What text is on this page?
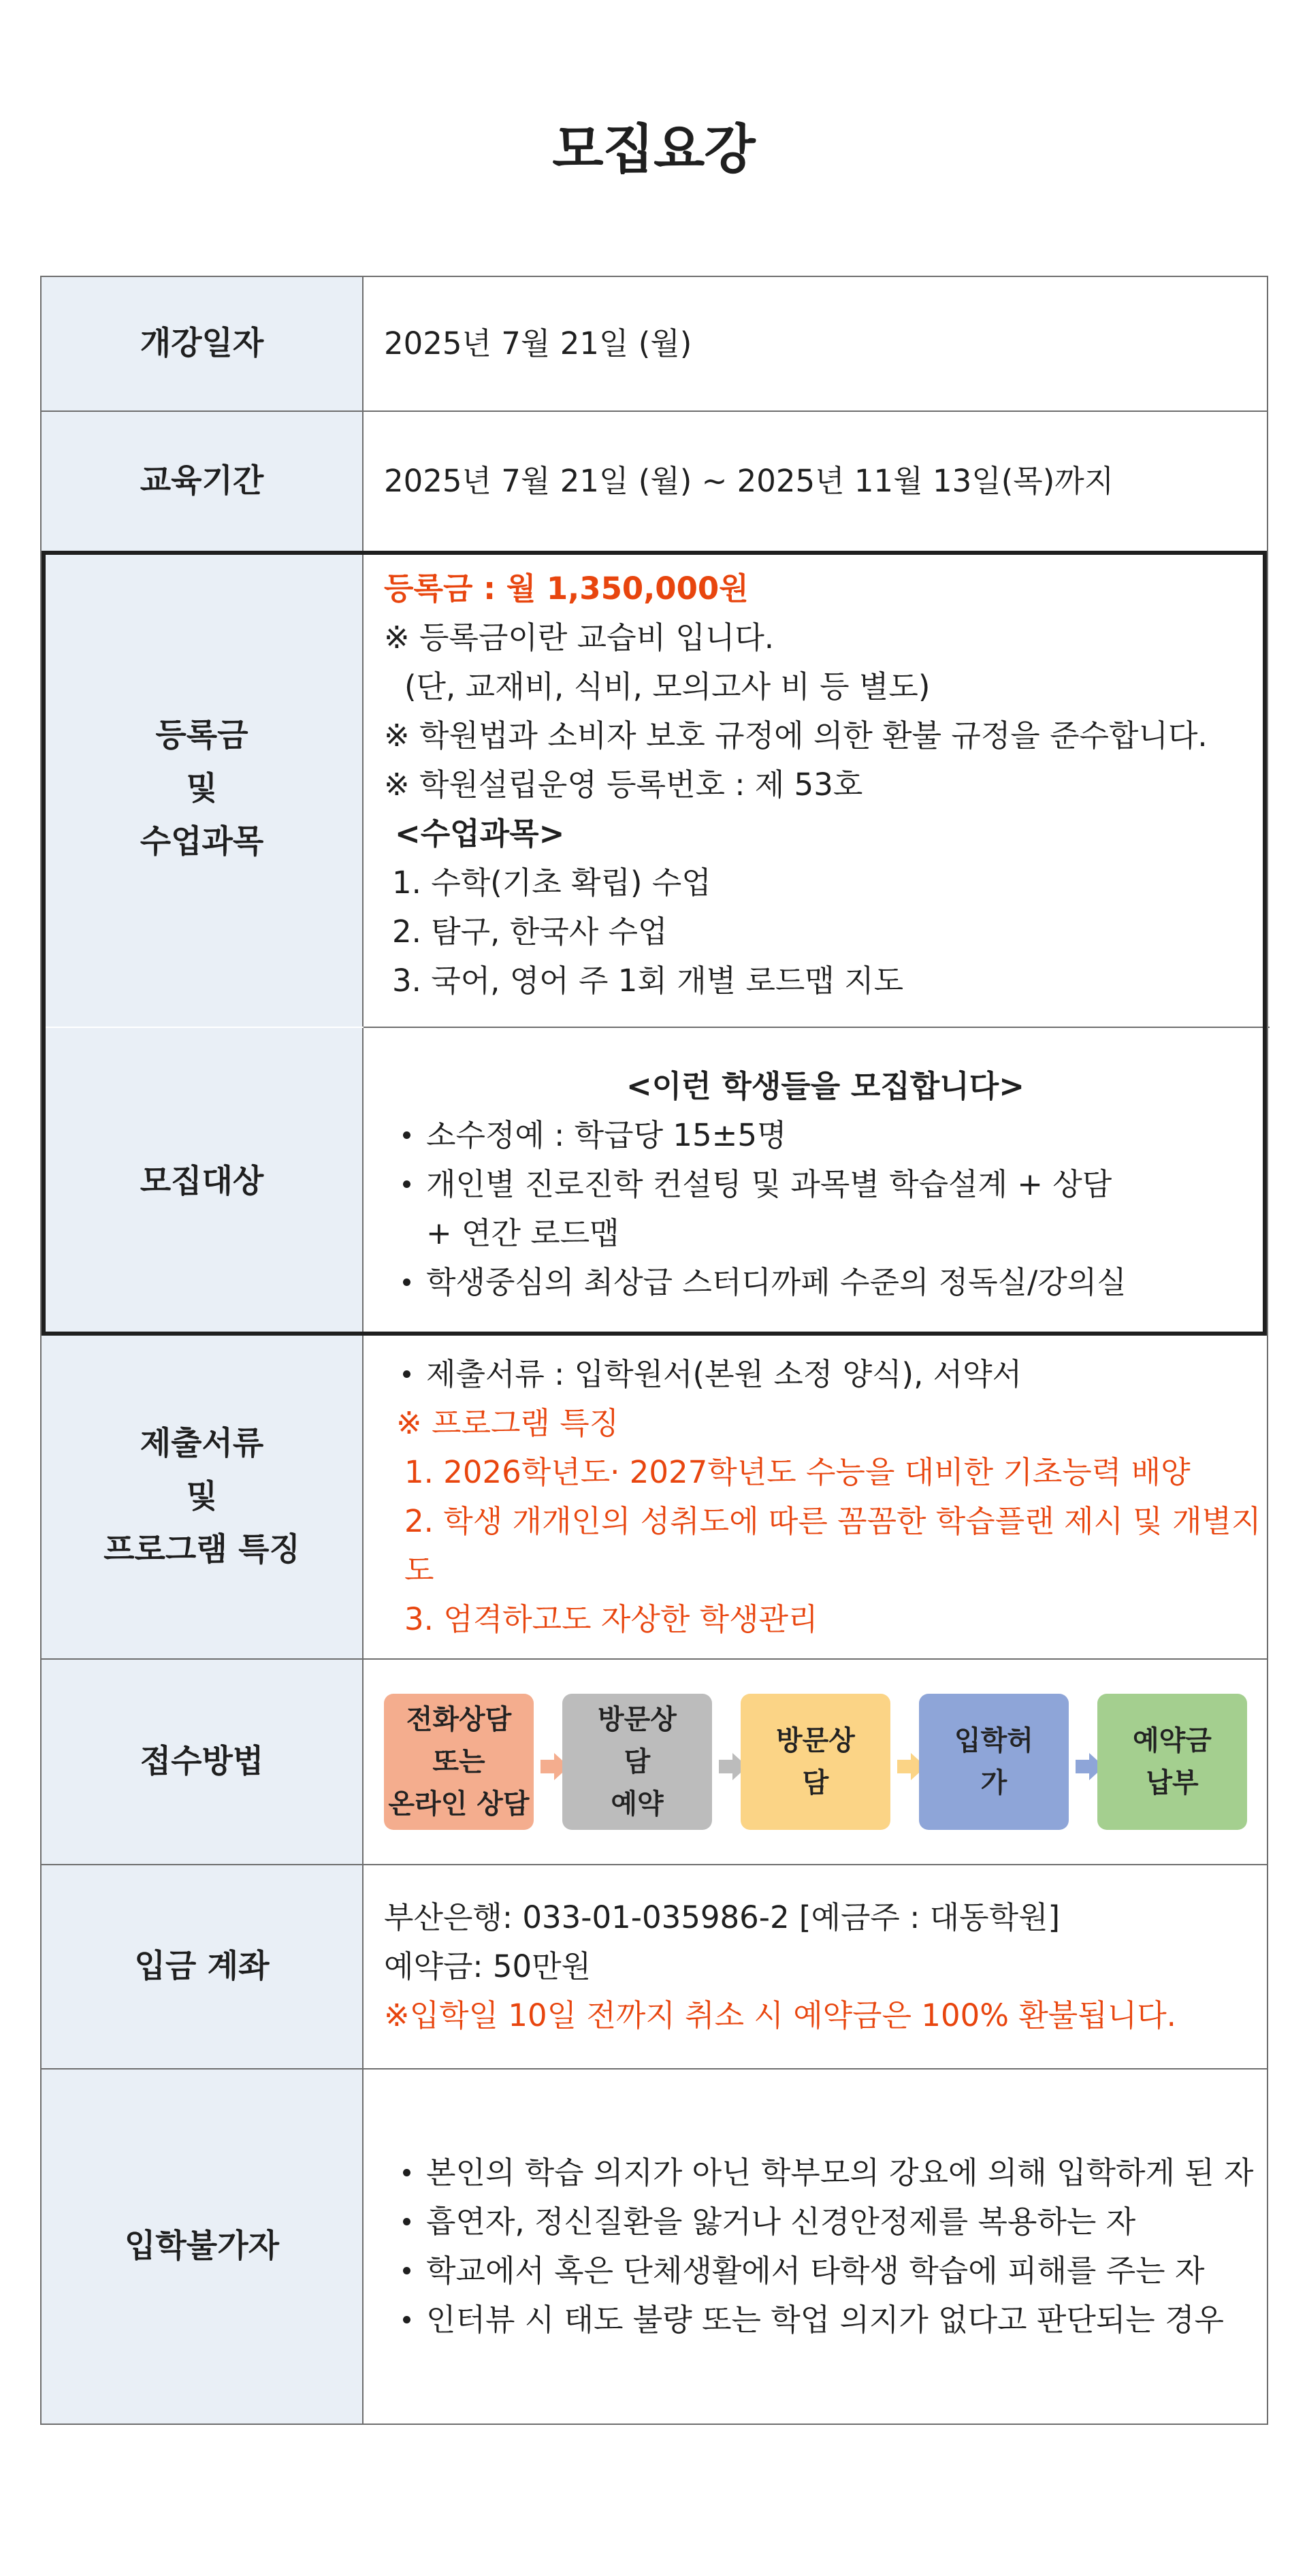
모집요강
개강일자	2025년 7월 21일 (월)
교육기간	2025년 7월 21일 (월) ~ 2025년 11월 13일(목)까지
등록금
및
수업과목
등록금 : 월 1,350,000원
※ 등록금이란 교습비 입니다.
(단, 교재비, 식비, 모의고사 비 등 별도)
※ 학원법과 소비자 보호 규정에 의한 환불 규정을 준수합니다.
※ 학원설립운영 등록번호 : 제 53호
<수업과목>
1. 수학(기초 확립) 수업
2. 탐구, 한국사 수업
3. 국어, 영어 주 1회 개별 로드맵 지도
모집대상
<이런 학생들을 모집합니다>
소수정예 : 학급당 15±5명
개인별 진로진학 컨설팅 및 과목별 학습설계 + 상담
+ 연간 로드맵
학생중심의 최상급 스터디까페 수준의 정독실/강의실
제출서류
및
프로그램 특징
제출서류 : 입학원서(본원 소정 양식), 서약서
※ 프로그램 특징
1. 2026학년도· 2027학년도 수능을 대비한 기초능력 배양
2. 학생 개개인의 성취도에 따른 꼼꼼한 학습플랜 제시 및 개별지도
3. 엄격하고도 자상한 학생관리
접수방법
전화상담
또는
온라인 상담
방문상
담
예약
방문상
담
입학허
가
예약금
납부
입금 계좌
부산은행: 033-01-035986-2 [예금주 : 대동학원]
예약금: 50만원
※입학일 10일 전까지 취소 시 예약금은 100% 환불됩니다.
입학불가자
본인의 학습 의지가 아닌 학부모의 강요에 의해 입학하게 된 자
흡연자, 정신질환을 앓거나 신경안정제를 복용하는 자
학교에서 혹은 단체생활에서 타학생 학습에 피해를 주는 자
인터뷰 시 태도 불량 또는 학업 의지가 없다고 판단되는 경우
